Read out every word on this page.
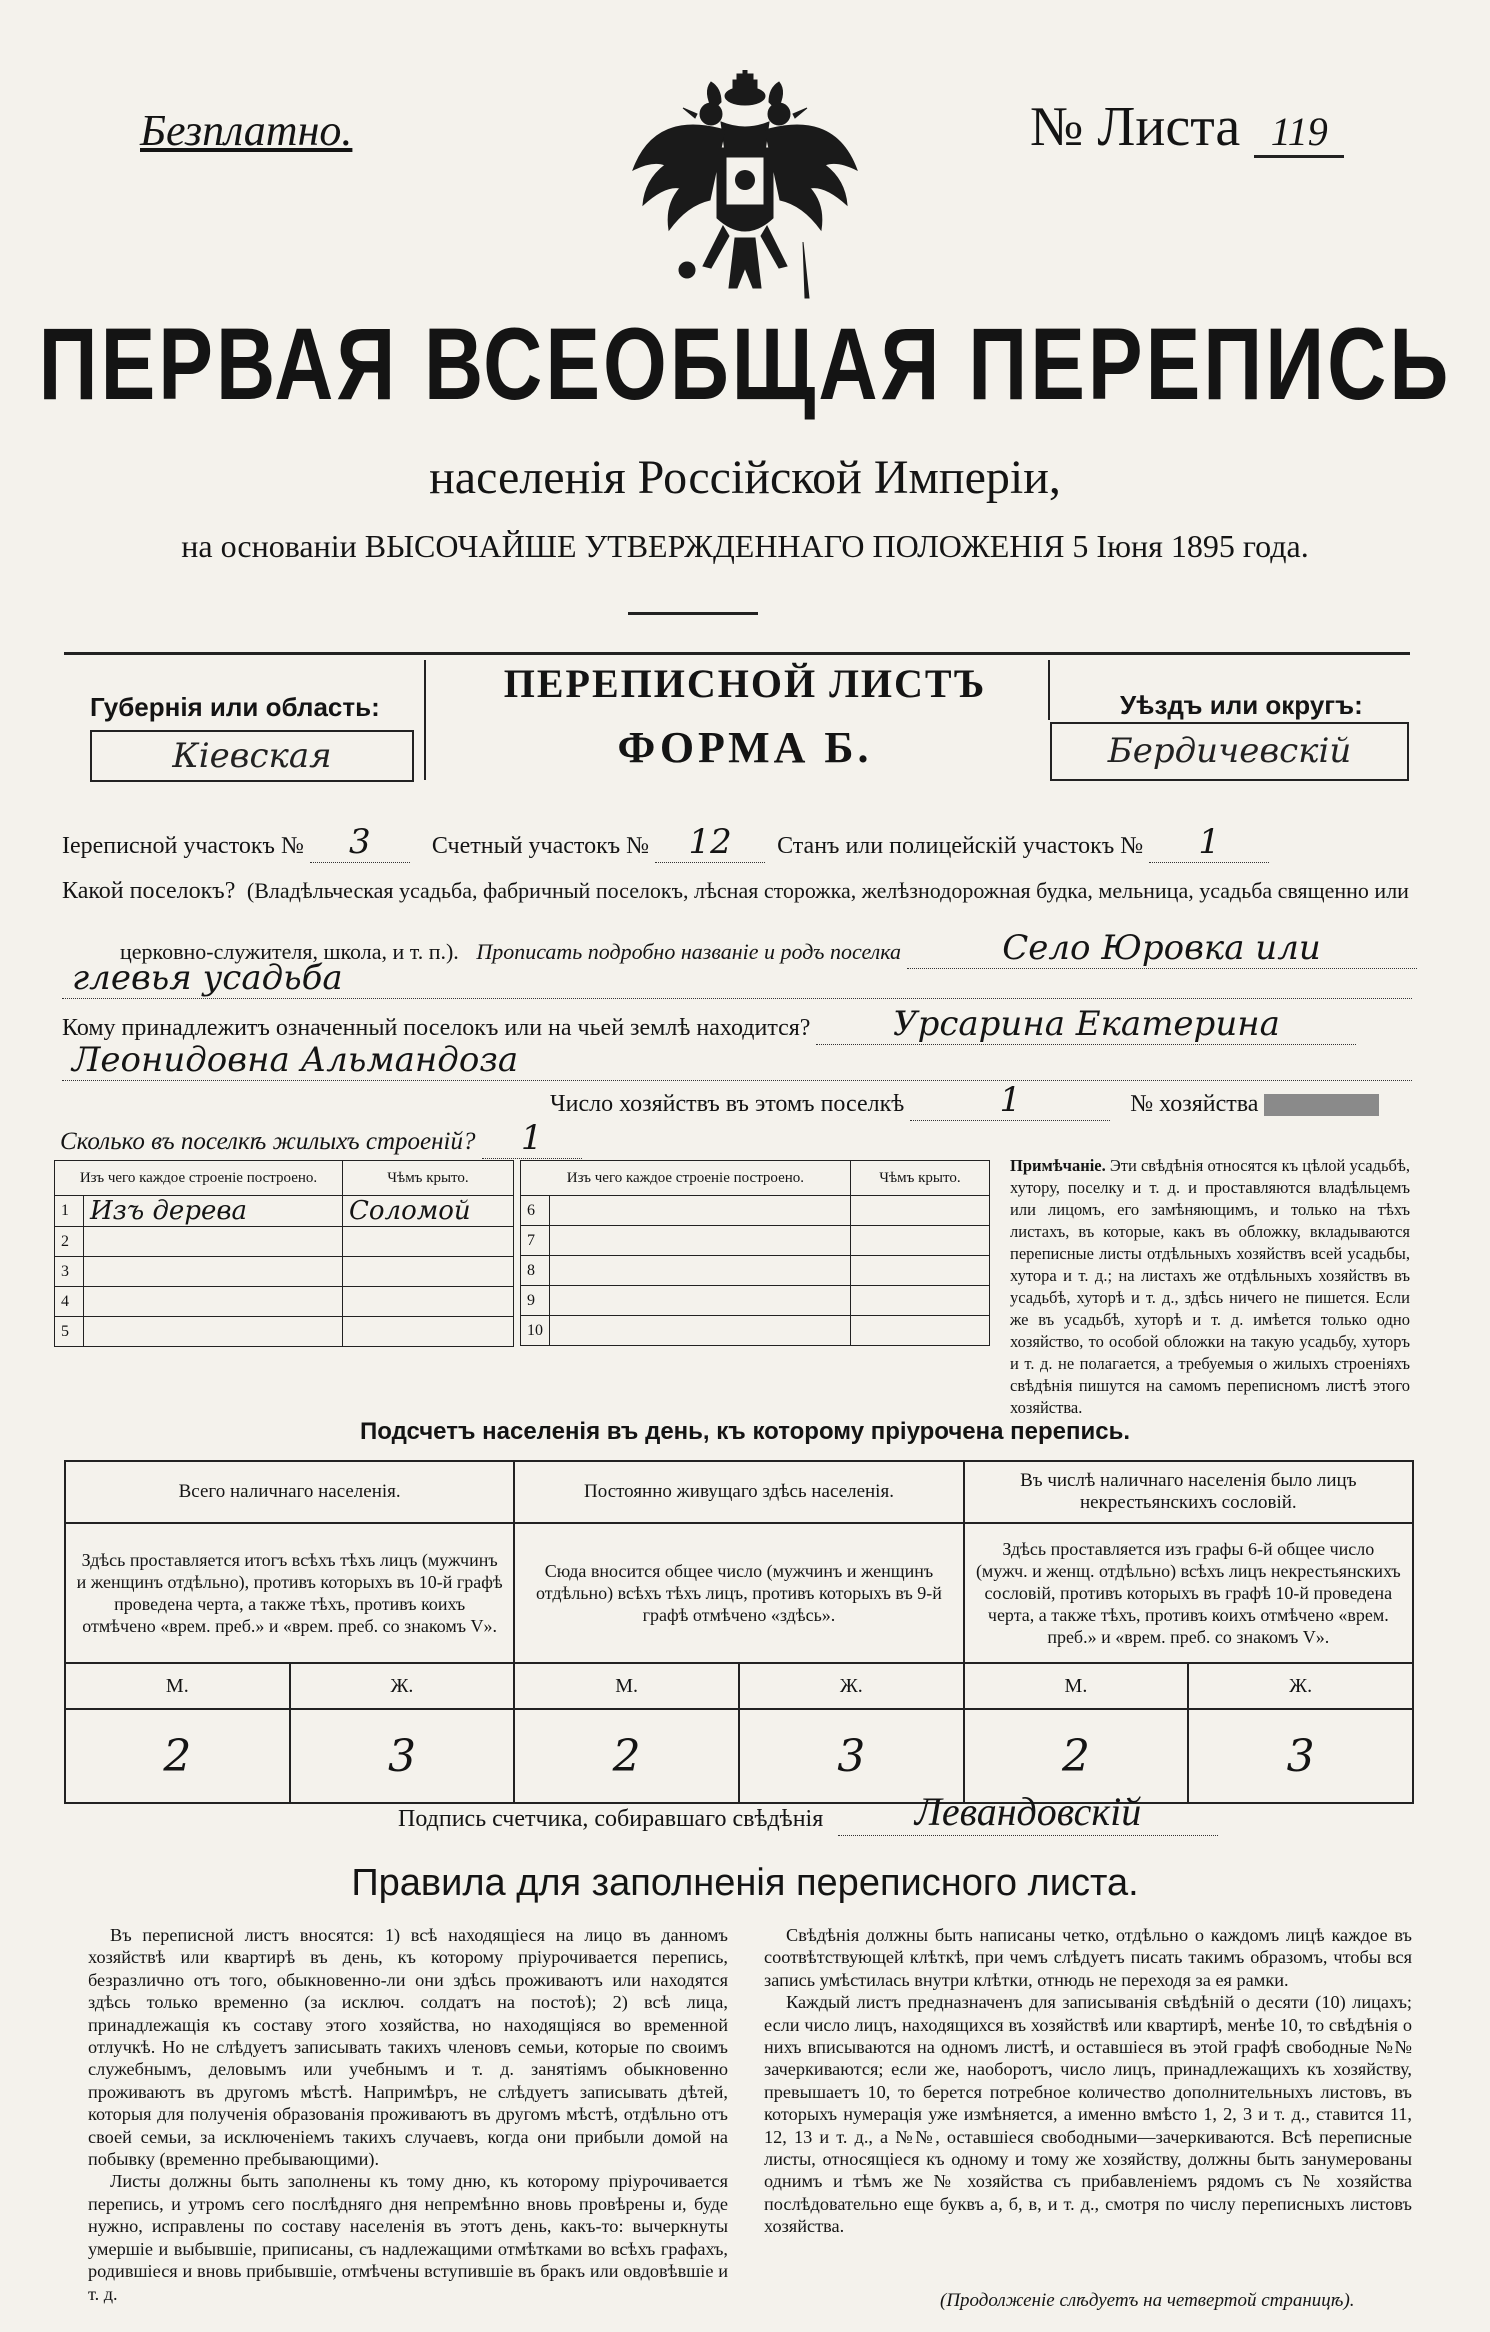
Безплатно.	№ Листа 119
ПЕРВАЯ ВСЕОБЩАЯ ПЕРЕПИСЬ
населенія Россійской Имперіи,
на основаніи ВЫСОЧАЙШЕ УТВЕРЖДЕННАГО ПОЛОЖЕНІЯ 5 Іюня 1895 года.
Губернія или область:
Кіевская
ПЕРЕПИСНОЙ ЛИСТЪ
ФОРМА Б.
Уѣздъ или округъ:
Бердичевскій
Іереписной участокъ № 3	Счетный участокъ № 12 Станъ или полицейскій участокъ № 1
Какой поселокъ? (Владѣльческая усадьба, фабричный поселокъ, лѣсная сторожка, желѣзнодорожная будка, мельница, усадьба священно или
церковно-служителя, школа, и т. п.). Прописать подробно названіе и родъ поселка	Село Юровка или
глевья усадьба
Кому принадлежитъ означенный поселокъ или на чьей землѣ находится? Урсарина Екатерина
Леонидовна Альмандоза
Число хозяйствъ въ этомъ поселкѣ	1	№ хозяйства
Сколько въ поселкѣ жилыхъ строеній? 1
Изъ чего каждое строеніе построено.		Чѣмъ крыто.
1	Изъ дерева	Соломой
2		
3		
4		
5		
Изъ чего каждое строеніе построено.		Чѣмъ крыто.
6		
7		
8		
9		
10		
Примѣчаніе. Эти свѣдѣнія относятся къ цѣлой усадьбѣ, хутору, поселку и т. д. и проставляются владѣльцемъ или лицомъ, его замѣняющимъ, и только на тѣхъ листахъ, въ которые, какъ въ обложку, вкладываются переписные листы отдѣльныхъ хозяйствъ всей усадьбы, хутора и т. д.; на листахъ же отдѣльныхъ хозяйствъ въ усадьбѣ, хуторѣ и т. д., здѣсь ничего не пишется. Если же въ усадьбѣ, хуторѣ и т. д. имѣется только одно хозяйство, то особой обложки на такую усадьбу, хуторъ и т. д. не полагается, а требуемыя о жилыхъ строеніяхъ свѣдѣнія пишутся на самомъ переписномъ листѣ этого хозяйства.
Подсчетъ населенія въ день, къ которому пріурочена перепись.
Всего наличнаго населенія.		Постоянно живущаго здѣсь населенія.		Въ числѣ наличнаго населенія было лицъ некрестьянскихъ сословій.	
Здѣсь проставляется итогъ всѣхъ тѣхъ лицъ (мужчинъ и женщинъ отдѣльно), противъ которыхъ въ 10-й графѣ проведена черта, а также тѣхъ, противъ коихъ отмѣчено «врем. преб.» и «врем. преб. со знакомъ V».		Сюда вносится общее число (мужчинъ и женщинъ отдѣльно) всѣхъ тѣхъ лицъ, противъ которыхъ въ 9-й графѣ отмѣчено «здѣсь».		Здѣсь проставляется изъ графы 6-й общее число (мужч. и женщ. отдѣльно) всѣхъ лицъ некрестьянскихъ сословій, противъ которыхъ въ графѣ 10-й проведена черта, а также тѣхъ, противъ коихъ отмѣчено «врем. преб.» и «врем. преб. со знакомъ V».	
М.	Ж.	М.	Ж.	М.	Ж.
2	3	2	3	2	3
Подпись счетчика, собиравшаго свѣдѣнія	Левандовскій
Правила для заполненія переписного листа.

Въ переписной листъ вносятся: 1) всѣ находящіеся на лицо въ данномъ хозяйствѣ или квартирѣ въ день, къ которому пріурочивается перепись, безразлично отъ того, обыкновенно-ли они здѣсь проживаютъ или находятся здѣсь только временно (за исключ. солдатъ на постоѣ); 2) всѣ лица, принадлежащія къ составу этого хозяйства, но находящіяся во временной отлучкѣ. Но не слѣдуетъ записывать такихъ членовъ семьи, которые по своимъ служебнымъ, деловымъ или учебнымъ и т. д. занятіямъ обыкновенно проживаютъ въ другомъ мѣстѣ. Напримѣръ, не слѣдуетъ записывать дѣтей, которыя для полученія образованія проживаютъ въ другомъ мѣстѣ, отдѣльно отъ своей семьи, за исключеніемъ такихъ случаевъ, когда они прибыли домой на побывку (временно пребывающими).

Листы должны быть заполнены къ тому дню, къ которому пріурочивается перепись, и утромъ сего послѣдняго дня непремѣнно вновь провѣрены и, буде нужно, исправлены по составу населенія въ этотъ день, какъ-то: вычеркнуты умершіе и выбывшіе, приписаны, съ надлежащими отмѣтками во всѣхъ графахъ, родившіеся и вновь прибывшіе, отмѣчены вступившіе въ бракъ или овдовѣвшіе и т. д.

Свѣдѣнія должны быть написаны четко, отдѣльно о каждомъ лицѣ каждое въ соотвѣтствующей клѣткѣ, при чемъ слѣдуетъ писать такимъ образомъ, чтобы вся запись умѣстилась внутри клѣтки, отнюдь не переходя за ея рамки.

Каждый листъ предназначенъ для записыванія свѣдѣній о десяти (10) лицахъ; если число лицъ, находящихся въ хозяйствѣ или квартирѣ, менѣе 10, то свѣдѣнія о нихъ вписываются на одномъ листѣ, и оставшіеся въ этой графѣ свободные №№ зачеркиваются; если же, наоборотъ, число лицъ, принадлежащихъ къ хозяйству, превышаетъ 10, то берется потребное количество дополнительныхъ листовъ, въ которыхъ нумерація уже измѣняется, а именно вмѣсто 1, 2, 3 и т. д., ставится 11, 12, 13 и т. д., а №№, оставшіеся свободными—зачеркиваются. Всѣ переписные листы, относящіеся къ одному и тому же хозяйству, должны быть занумерованы однимъ и тѣмъ же № хозяйства съ прибавленіемъ рядомъ съ № хозяйства послѣдовательно еще буквъ а, б, в, и т. д., смотря по числу переписныхъ листовъ хозяйства.

(Продолженіе слѣдуетъ на четвертой страницѣ).
